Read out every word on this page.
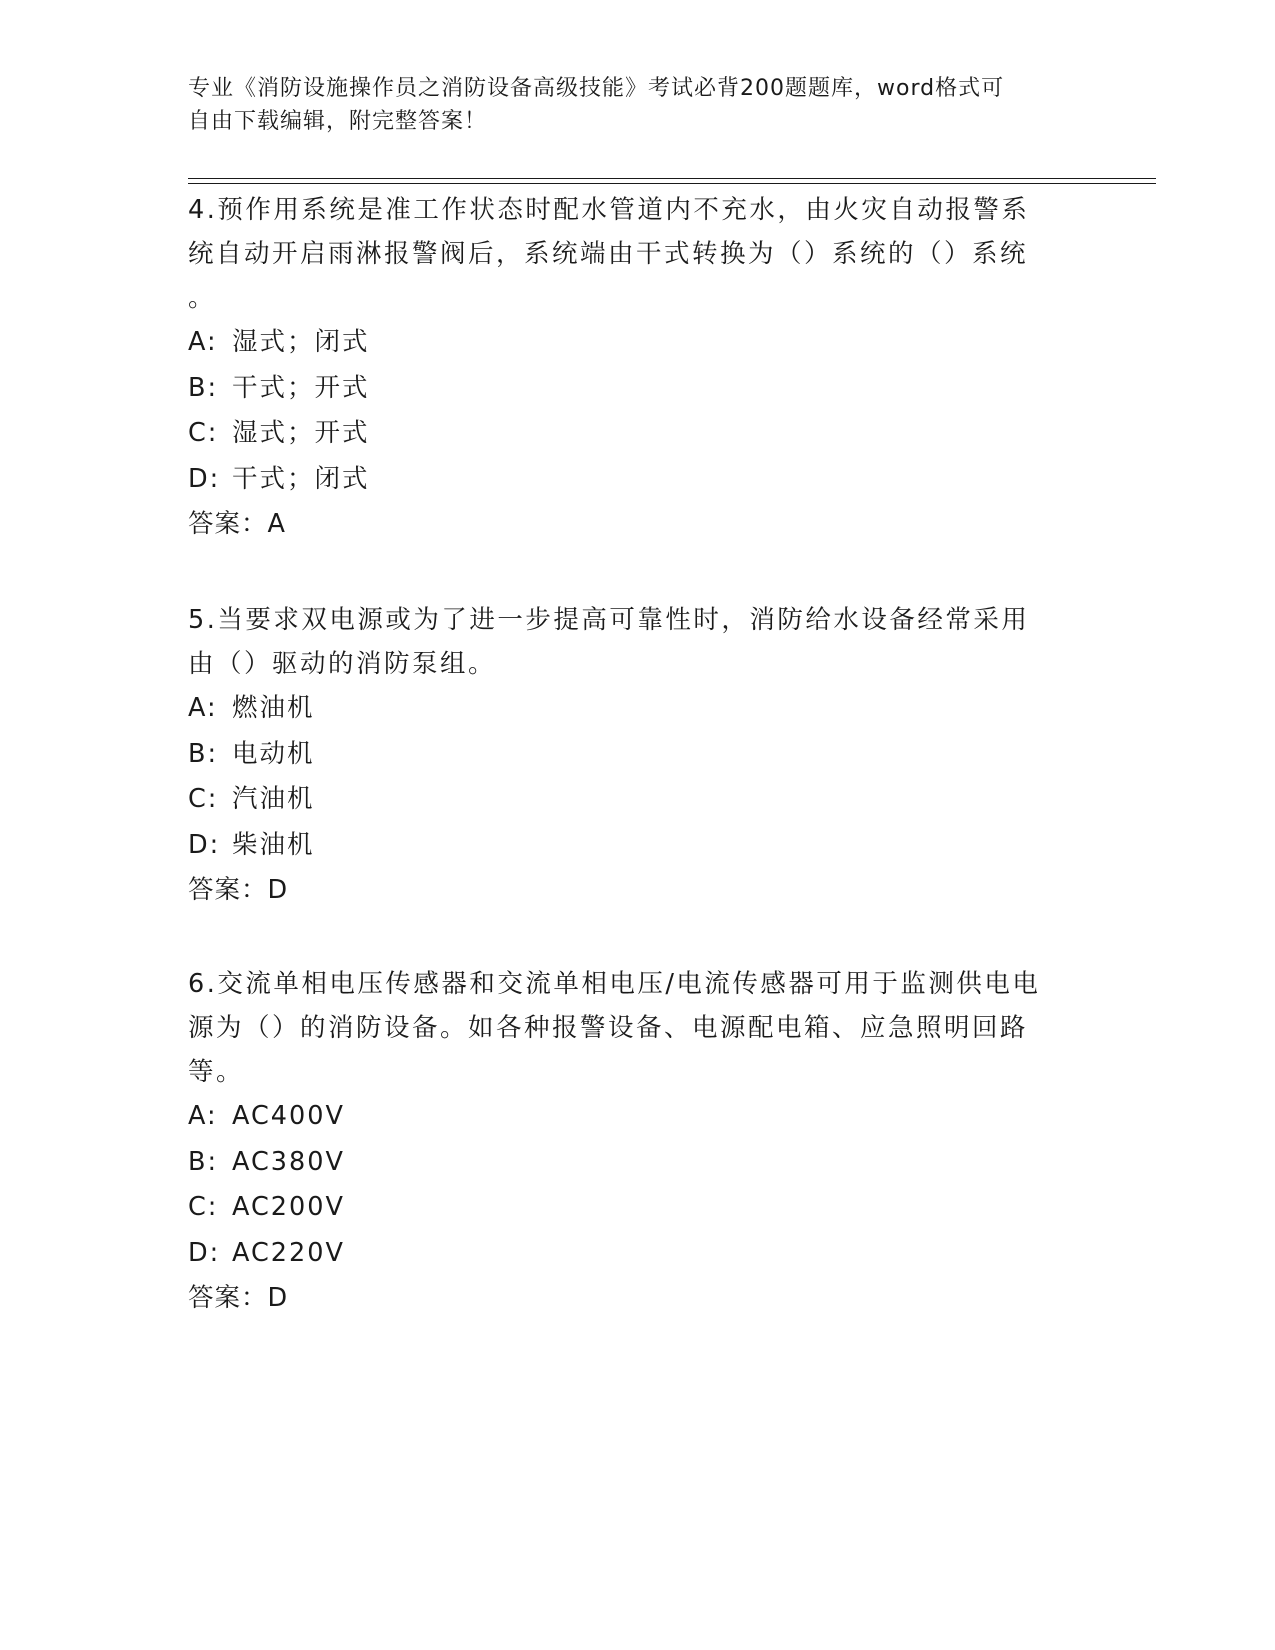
专业《消防设施操作员之消防设备高级技能》考试必背200题题库，word格式可
自由下载编辑，附完整答案！
4.预作用系统是准工作状态时配水管道内不充水，由火灾自动报警系
统自动开启雨淋报警阀后，系统端由干式转换为（）系统的（）系统
。
A: 湿式；闭式
B: 干式；开式
C: 湿式；开式
D: 干式；闭式
答案：A
5.当要求双电源或为了进一步提高可靠性时，消防给水设备经常采用
由（）驱动的消防泵组。
A: 燃油机
B: 电动机
C: 汽油机
D: 柴油机
答案：D
6.交流单相电压传感器和交流单相电压/电流传感器可用于监测供电电
源为（）的消防设备。如各种报警设备、电源配电箱、应急照明回路
等。
A: AC400V
B: AC380V
C: AC200V
D: AC220V
答案：D
